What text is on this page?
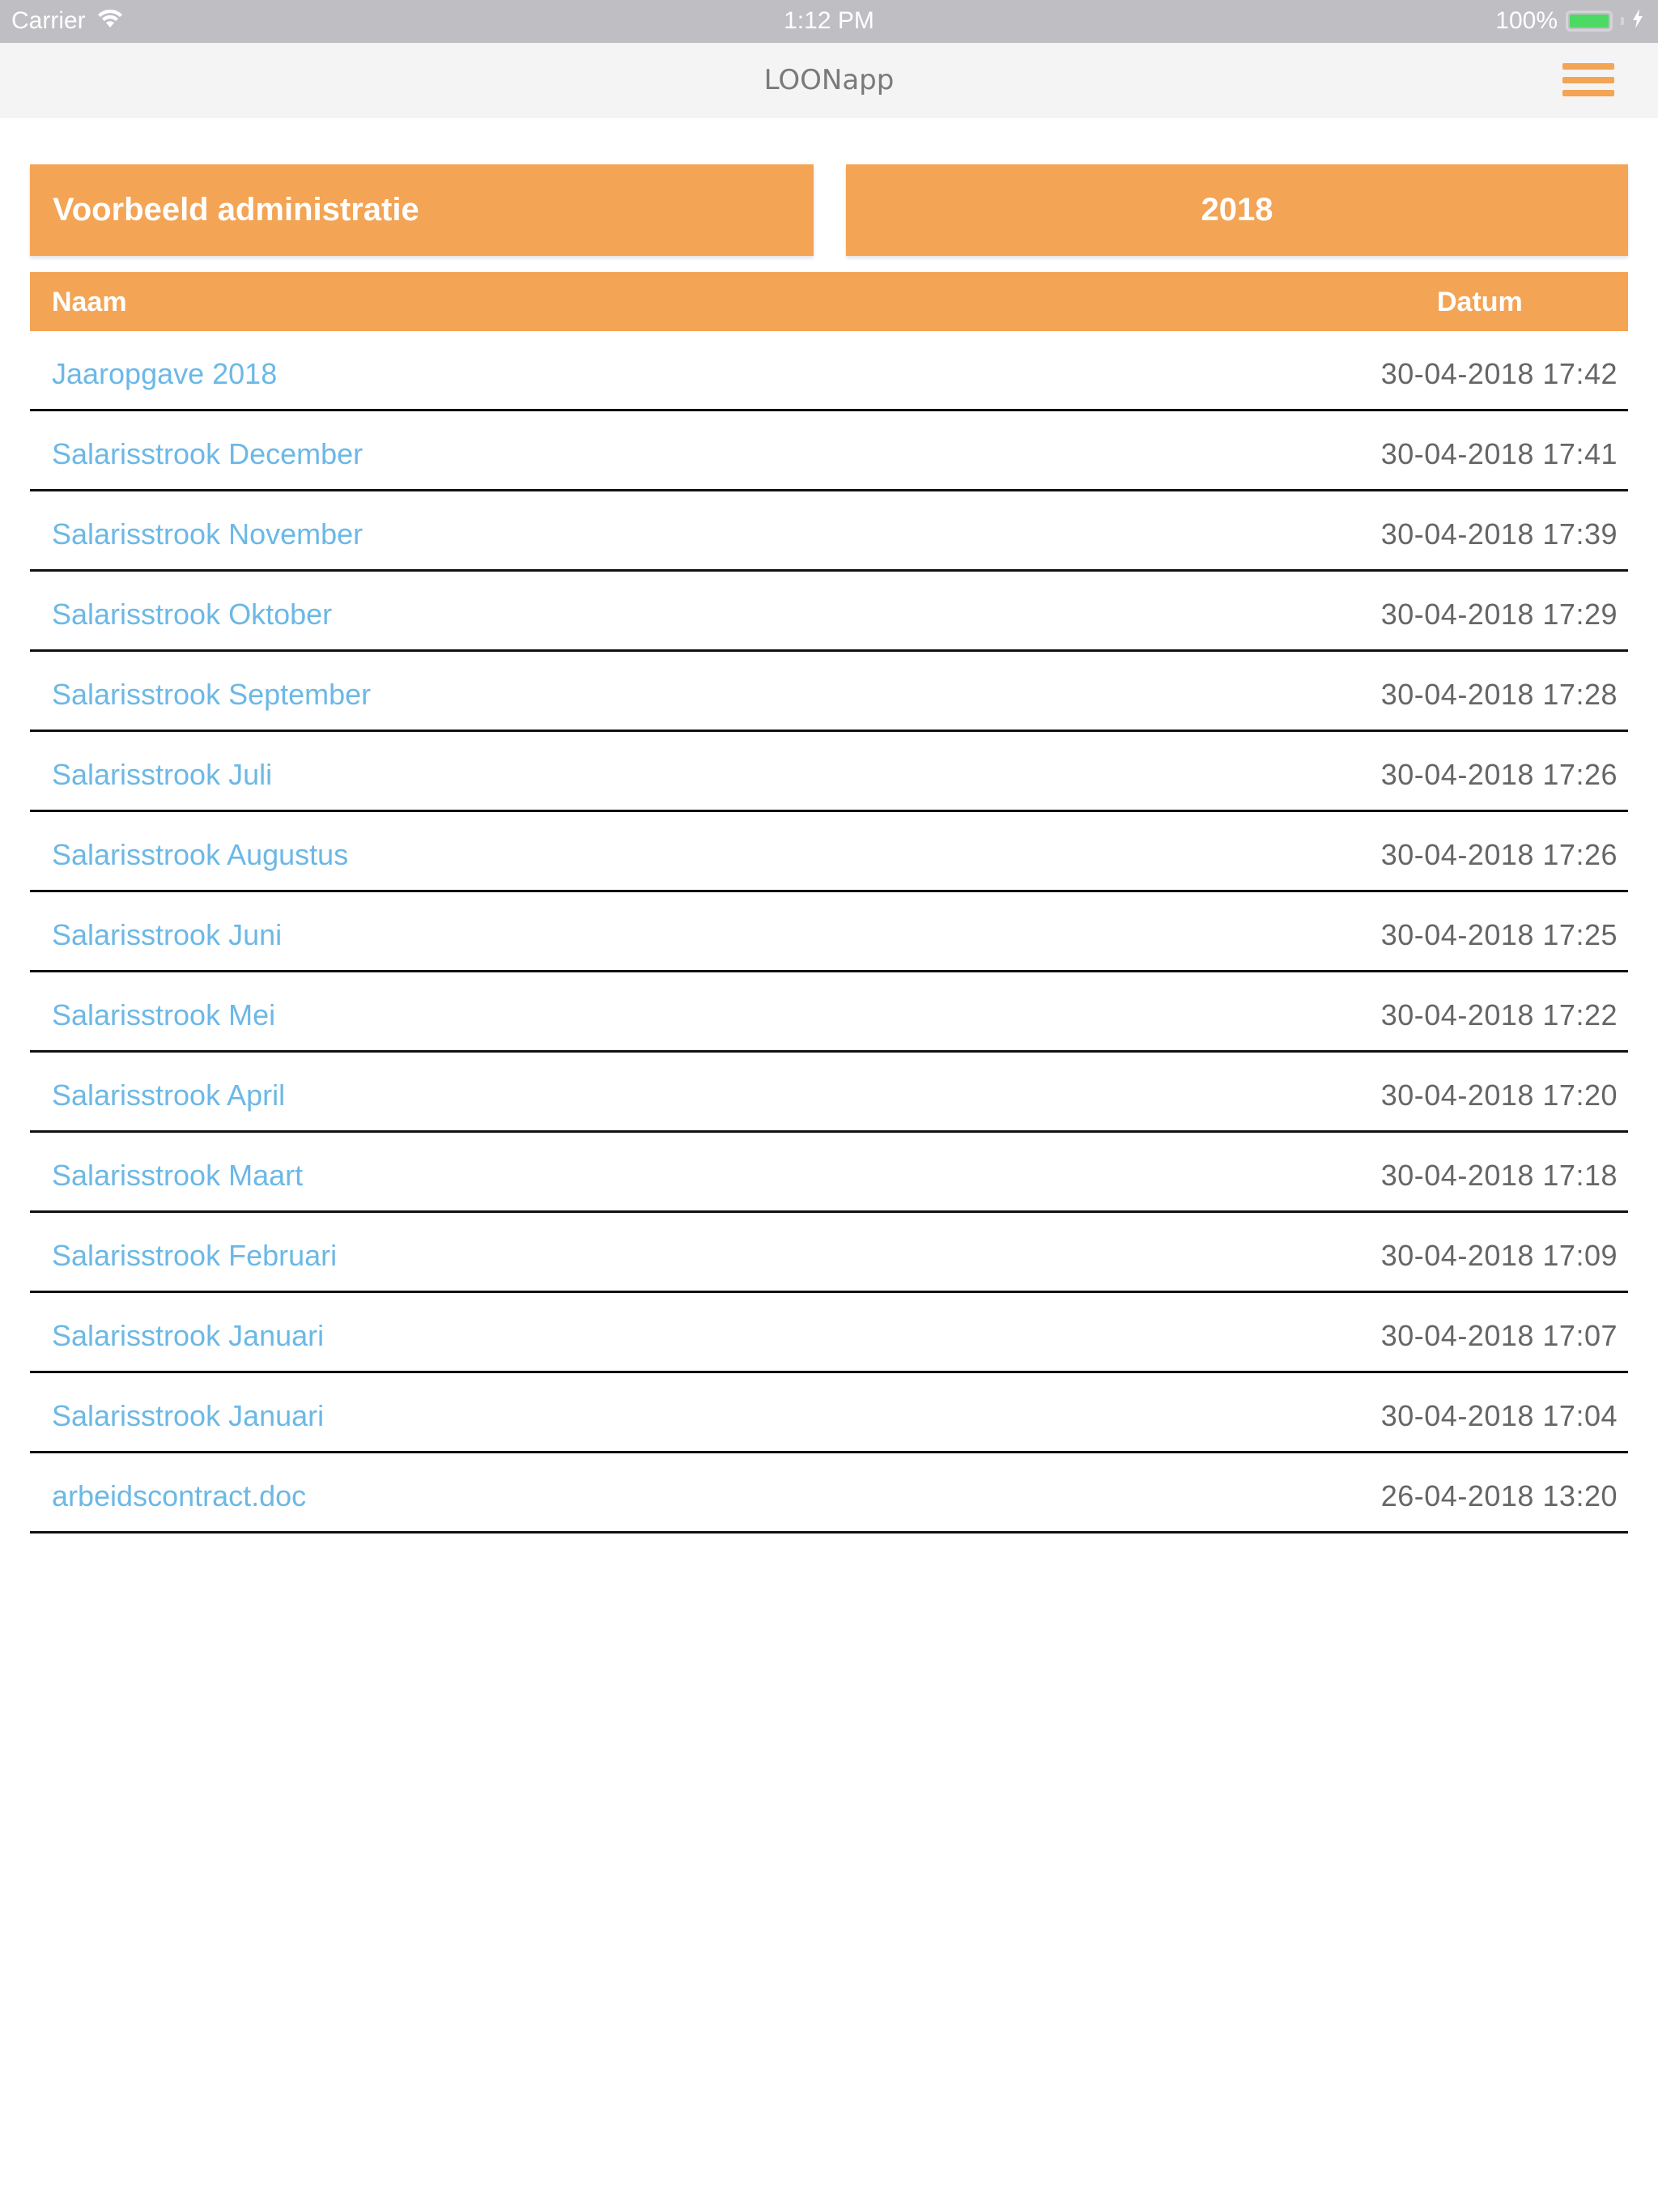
Carrier	1:12 PM	100%
LOONapp
Voorbeeld administratie	2018
Naam	Datum
Jaaropgave 2018	30-04-2018 17:42
Salarisstrook December	30-04-2018 17:41
Salarisstrook November	30-04-2018 17:39
Salarisstrook Oktober	30-04-2018 17:29
Salarisstrook September	30-04-2018 17:28
Salarisstrook Juli	30-04-2018 17:26
Salarisstrook Augustus	30-04-2018 17:26
Salarisstrook Juni	30-04-2018 17:25
Salarisstrook Mei	30-04-2018 17:22
Salarisstrook April	30-04-2018 17:20
Salarisstrook Maart	30-04-2018 17:18
Salarisstrook Februari	30-04-2018 17:09
Salarisstrook Januari	30-04-2018 17:07
Salarisstrook Januari	30-04-2018 17:04
arbeidscontract.doc	26-04-2018 13:20
